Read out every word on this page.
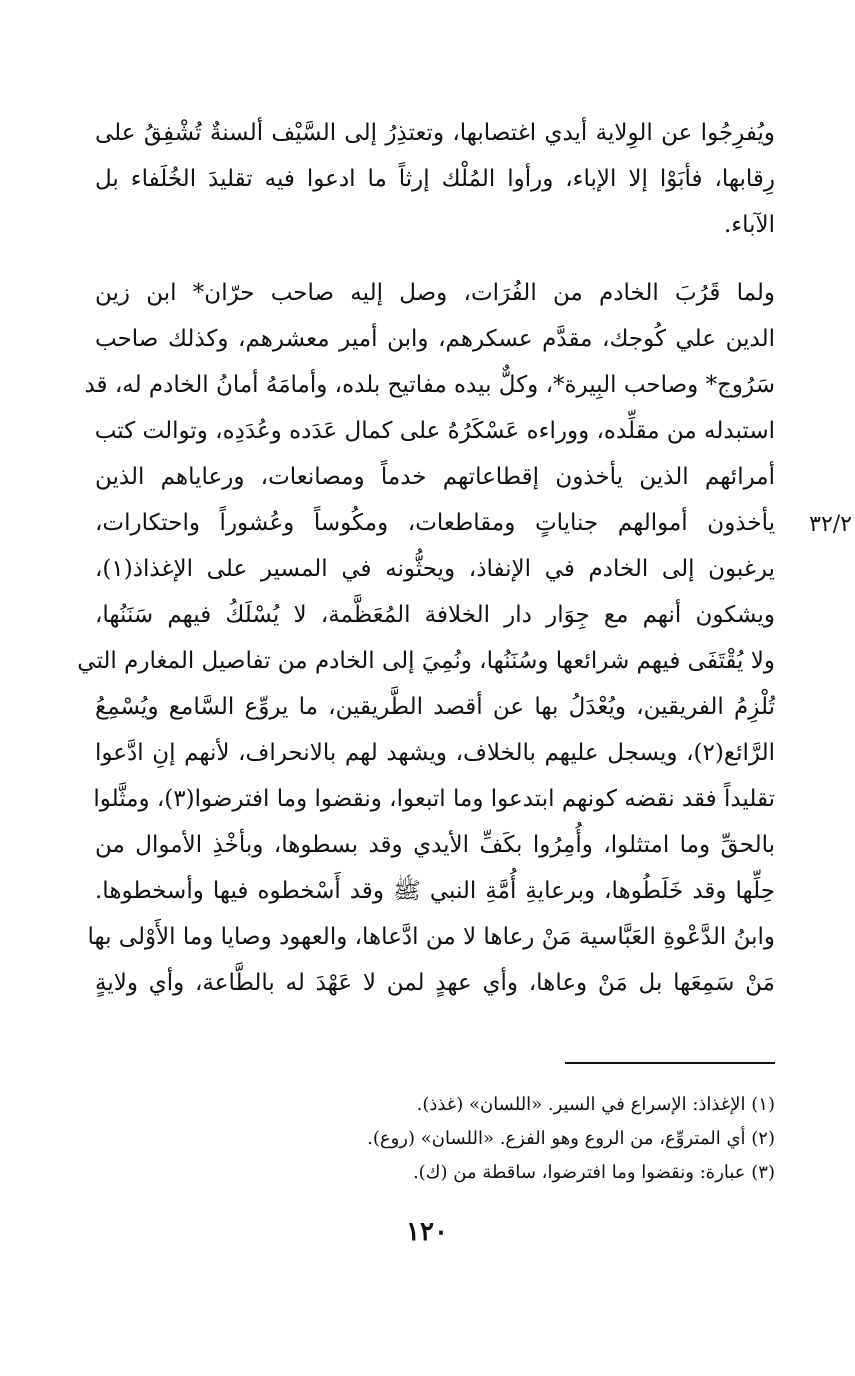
ويُفرِجُوا عن الوِلاية أيدي اغتصابها، وتعتذِرُ إلى السَّيْف ألسنةٌ تُشْفِقُ على
رِقابها، فأبَوْا إلا الإباء، ورأوا المُلْك إرثاً ما ادعوا فيه تقليدَ الخُلَفاء بل
الآباء.
ولما قَرُبَ الخادم من الفُرَات، وصل إليه صاحب حرّان* ابن زين
الدين علي كُوجك، مقدَّم عسكرهم، وابن أمير معشرهم، وكذلك صاحب
سَرُوج* وصاحب البِيرة*، وكلٌّ بيده مفاتيح بلده، وأمامَهُ أمانُ الخادم له، قد
استبدله من مقلِّده، ووراءه عَسْكَرُهُ على كمال عَدَده وعُدَدِه، وتوالت كتب
أمرائهم الذين يأخذون إقطاعاتهم خدماً ومصانعات، ورعاياهم الذين
يأخذون أموالهم جناياتٍ ومقاطعات، ومكُوساً وعُشوراً واحتكارات،
يرغبون إلى الخادم في الإنفاذ، ويحثُّونه في المسير على الإغذاذ(١)،
ويشكون أنهم مع جِوَار دار الخلافة المُعَظَّمة، لا يُسْلَكُ فيهم سَنَنُها،
ولا يُقْتَفَى فيهم شرائعها وسُنَنُها، ونُمِيَ إلى الخادم من تفاصيل المغارم التي
تُلْزِمُ الفريقين، ويُعْدَلُ بها عن أقصد الطَّريقين، ما يروِّع السَّامع ويُسْمِعُ
الرَّائع(٢)، ويسجل عليهم بالخلاف، ويشهد لهم بالانحراف، لأنهم إنِ ادَّعوا
تقليداً فقد نقضه كونهم ابتدعوا وما اتبعوا، ونقضوا وما افترضوا(٣)، ومثَّلوا
بالحقِّ وما امتثلوا، وأُمِرُوا بكَفِّ الأيدي وقد بسطوها، وبأخْذِ الأموال من
حِلِّها وقد خَلَطُوها، وبرعايةِ أُمَّةِ النبي ﷺ وقد أَسْخطوه فيها وأسخطوها.
وابنُ الدَّعْوةِ العَبَّاسية مَنْ رعاها لا من ادَّعاها، والعهود وصايا وما الأَوْلى بها
مَنْ سَمِعَها بل مَنْ وعاها، وأي عهدٍ لمن لا عَهْدَ له بالطَّاعة، وأي ولايةٍ
٣٢/٢
(١) الإغذاذ: الإسراع في السير. «اللسان» (غذذ).
(٢) أي المتروِّع، من الروع وهو الفزع. «اللسان» (روع).
(٣) عبارة: ونقضوا وما افترضوا، ساقطة من (ك).
١٢٠
